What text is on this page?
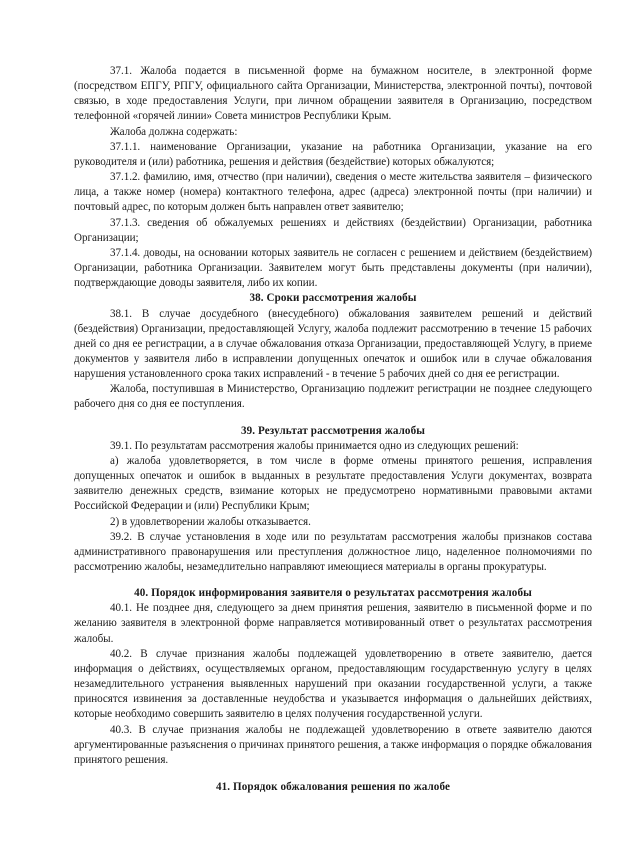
37.1. Жалоба подается в письменной форме на бумажном носителе, в электронной форме (посредством ЕПГУ, РПГУ, официального сайта Организации, Министерства, электронной почты), почтовой связью, в ходе предоставления Услуги, при личном обращении заявителя в Организацию, посредством телефонной «горячей линии» Совета министров Республики Крым.

Жалоба должна содержать:

37.1.1. наименование Организации, указание на работника Организации, указание на его руководителя и (или) работника, решения и действия (бездействие) которых обжалуются;

37.1.2. фамилию, имя, отчество (при наличии), сведения о месте жительства заявителя – физического лица, а также номер (номера) контактного телефона, адрес (адреса) электронной почты (при наличии) и почтовый адрес, по которым должен быть направлен ответ заявителю;

37.1.3. сведения об обжалуемых решениях и действиях (бездействии) Организации, работника Организации;

37.1.4. доводы, на основании которых заявитель не согласен с решением и действием (бездействием) Организации, работника Организации. Заявителем могут быть представлены документы (при наличии), подтверждающие доводы заявителя, либо их копии.

38. Сроки рассмотрения жалобы

38.1. В случае досудебного (внесудебного) обжалования заявителем решений и действий (бездействия) Организации, предоставляющей Услугу, жалоба подлежит рассмотрению в течение 15 рабочих дней со дня ее регистрации, а в случае обжалования отказа Организации, предоставляющей Услугу, в приеме документов у заявителя либо в исправлении допущенных опечаток и ошибок или в случае обжалования нарушения установленного срока таких исправлений - в течение 5 рабочих дней со дня ее регистрации.

Жалоба, поступившая в Министерство, Организацию подлежит регистрации не позднее следующего рабочего дня со дня ее поступления.

39. Результат рассмотрения жалобы

39.1. По результатам рассмотрения жалобы принимается одно из следующих решений:

а) жалоба удовлетворяется, в том числе в форме отмены принятого решения, исправления допущенных опечаток и ошибок в выданных в результате предоставления Услуги документах, возврата заявителю денежных средств, взимание которых не предусмотрено нормативными правовыми актами Российской Федерации и (или) Республики Крым;

2) в удовлетворении жалобы отказывается.

39.2. В случае установления в ходе или по результатам рассмотрения жалобы признаков состава административного правонарушения или преступления должностное лицо, наделенное полномочиями по рассмотрению жалобы, незамедлительно направляют имеющиеся материалы в органы прокуратуры.

40. Порядок информирования заявителя о результатах рассмотрения жалобы

40.1. Не позднее дня, следующего за днем принятия решения, заявителю в письменной форме и по желанию заявителя в электронной форме направляется мотивированный ответ о результатах рассмотрения жалобы.

40.2. В случае признания жалобы подлежащей удовлетворению в ответе заявителю, дается информация о действиях, осуществляемых органом, предоставляющим государственную услугу в целях незамедлительного устранения выявленных нарушений при оказании государственной услуги, а также приносятся извинения за доставленные неудобства и указывается информация о дальнейших действиях, которые необходимо совершить заявителю в целях получения государственной услуги.

40.3. В случае признания жалобы не подлежащей удовлетворению в ответе заявителю даются аргументированные разъяснения о причинах принятого решения, а также информация о порядке обжалования принятого решения.

41. Порядок обжалования решения по жалобе
